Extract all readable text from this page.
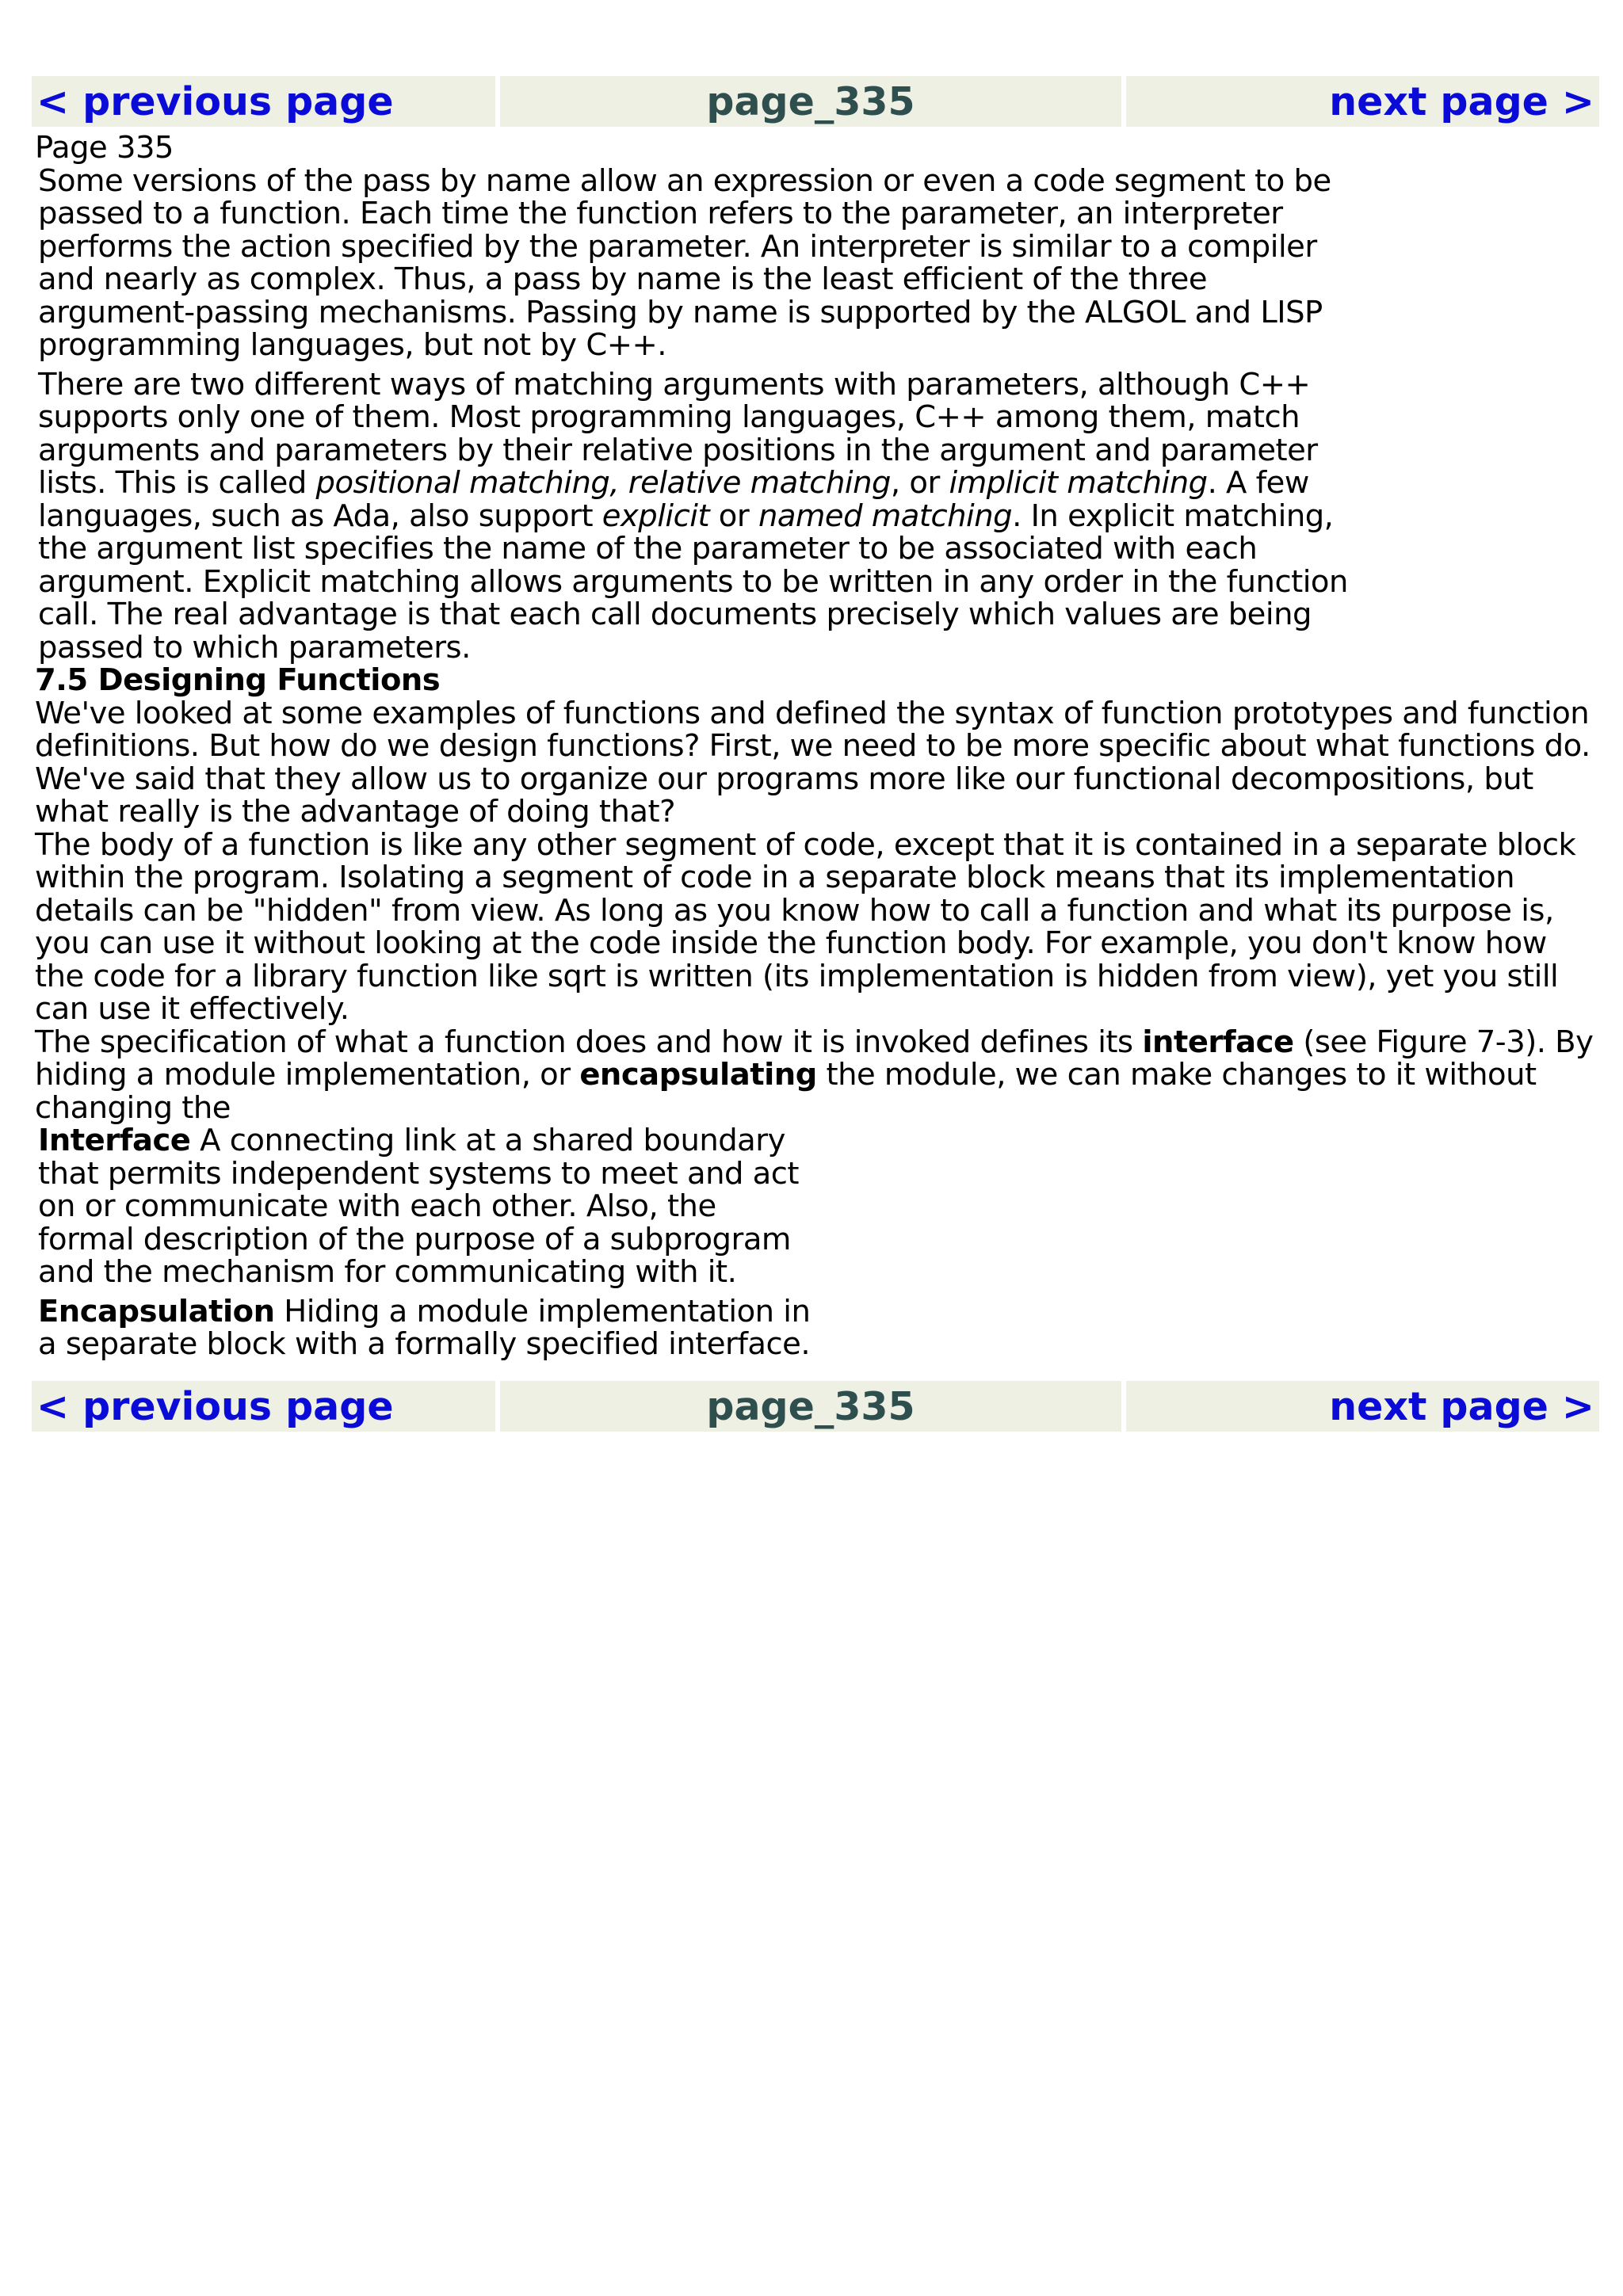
< previous page	page_335	next page >

Page 335

Some versions of the pass by name allow an expression or even a code segment to be passed to a function. Each time the function refers to the parameter, an interpreter performs the action specified by the parameter. An interpreter is similar to a compiler and nearly as complex. Thus, a pass by name is the least efficient of the three argument-passing mechanisms. Passing by name is supported by the ALGOL and LISP programming languages, but not by C++.

There are two different ways of matching arguments with parameters, although C++ supports only one of them. Most programming languages, C++ among them, match arguments and parameters by their relative positions in the argument and parameter lists. This is called positional matching, relative matching, or implicit matching. A few languages, such as Ada, also support explicit or named matching. In explicit matching, the argument list specifies the name of the parameter to be associated with each argument. Explicit matching allows arguments to be written in any order in the function call. The real advantage is that each call documents precisely which values are being passed to which parameters.

7.5 Designing Functions

We've looked at some examples of functions and defined the syntax of function prototypes and function definitions. But how do we design functions? First, we need to be more specific about what functions do. We've said that they allow us to organize our programs more like our functional decompositions, but what really is the advantage of doing that?

The body of a function is like any other segment of code, except that it is contained in a separate block within the program. Isolating a segment of code in a separate block means that its implementation details can be "hidden" from view. As long as you know how to call a function and what its purpose is, you can use it without looking at the code inside the function body. For example, you don't know how the code for a library function like sqrt is written (its implementation is hidden from view), yet you still can use it effectively.

The specification of what a function does and how it is invoked defines its interface (see Figure 7-3). By hiding a module implementation, or encapsulating the module, we can make changes to it without changing the

Interface A connecting link at a shared boundary that permits independent systems to meet and act on or communicate with each other. Also, the formal description of the purpose of a subprogram and the mechanism for communicating with it.

Encapsulation Hiding a module implementation in a separate block with a formally specified interface.

< previous page	page_335	next page >
